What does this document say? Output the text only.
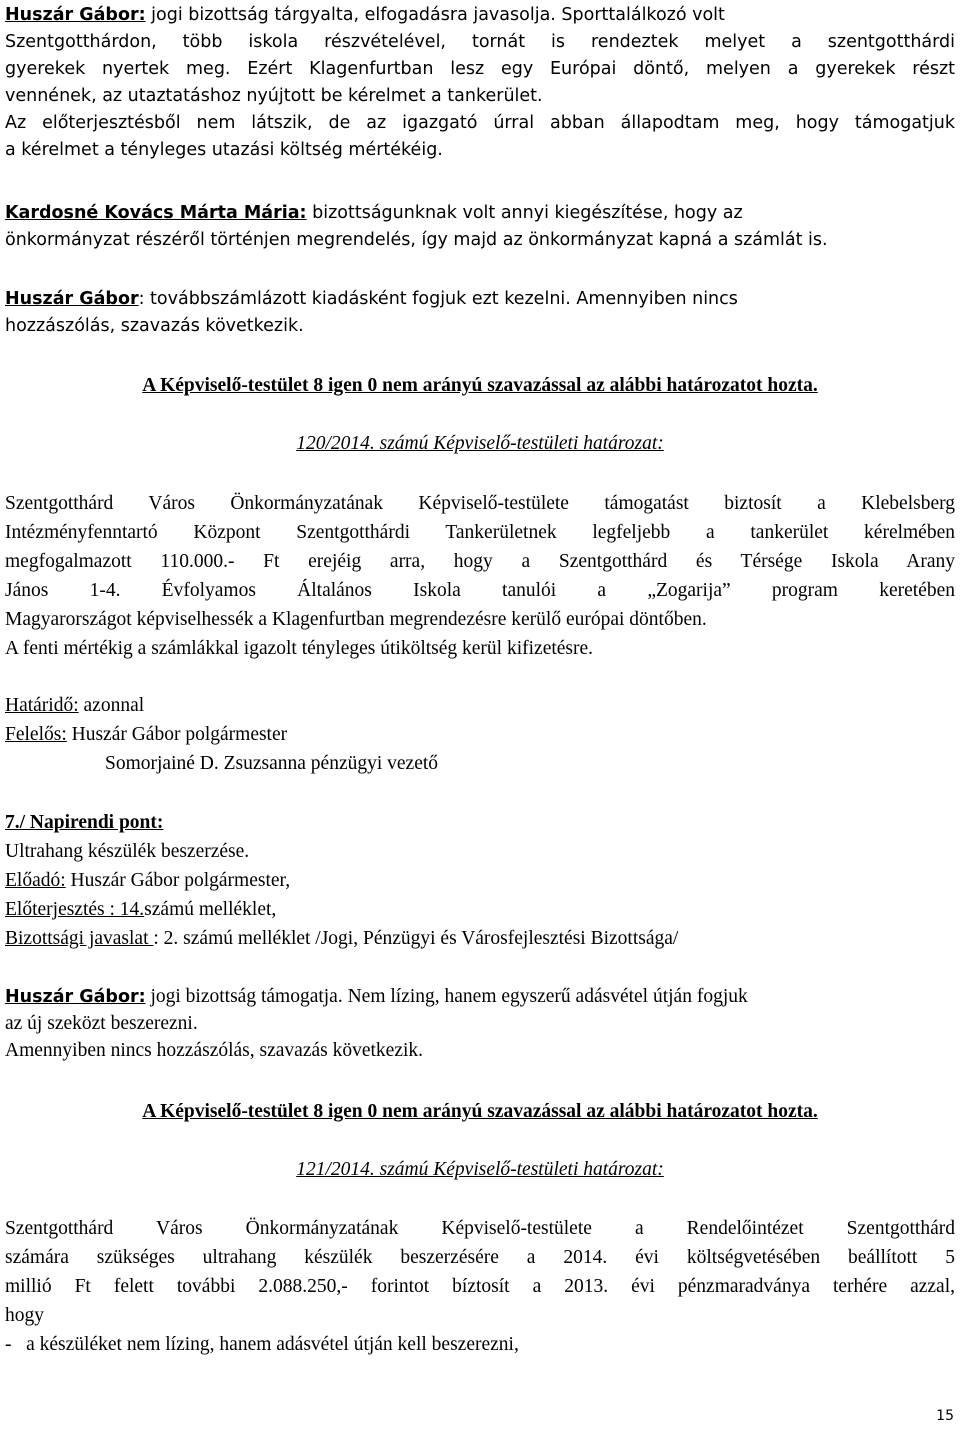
Huszár Gábor: jogi bizottság tárgyalta, elfogadásra javasolja. Sporttalálkozó volt
Szentgotthárdon, több iskola részvételével, tornát is rendeztek melyet a szentgotthárdi
gyerekek nyertek meg. Ezért Klagenfurtban lesz egy Európai döntő, melyen a gyerekek részt
vennének, az utaztatáshoz nyújtott be kérelmet a tankerület.
Az előterjesztésből nem látszik, de az igazgató úrral abban állapodtam meg, hogy támogatjuk
a kérelmet a tényleges utazási költség mértékéig.
Kardosné Kovács Márta Mária: bizottságunknak volt annyi kiegészítése, hogy az
önkormányzat részéről történjen megrendelés, így majd az önkormányzat kapná a számlát is.
Huszár Gábor: továbbszámlázott kiadásként fogjuk ezt kezelni. Amennyiben nincs
hozzászólás, szavazás következik.
A Képviselő-testület 8 igen 0 nem arányú szavazással az alábbi határozatot hozta.
120/2014. számú Képviselő-testületi határozat:
Szentgotthárd Város Önkormányzatának Képviselő-testülete támogatást biztosít a Klebelsberg
Intézményfenntartó Központ Szentgotthárdi Tankerületnek legfeljebb a tankerület kérelmében
megfogalmazott 110.000.- Ft erejéig arra, hogy a Szentgotthárd és Térsége Iskola Arany
János 1-4. Évfolyamos Általános Iskola tanulói a „Zogarija” program keretében
Magyarországot képviselhessék a Klagenfurtban megrendezésre kerülő európai döntőben.
A fenti mértékig a számlákkal igazolt tényleges útiköltség kerül kifizetésre.
Határidő: azonnal
Felelős: Huszár Gábor polgármester
Somorjainé D. Zsuzsanna pénzügyi vezető
7./ Napirendi pont:
Ultrahang készülék beszerzése.
Előadó: Huszár Gábor polgármester,
Előterjesztés : 14.számú melléklet,
Bizottsági javaslat : 2. számú melléklet /Jogi, Pénzügyi és Városfejlesztési Bizottsága/
Huszár Gábor: jogi bizottság támogatja. Nem lízing, hanem egyszerű adásvétel útján fogjuk
az új szeközt beszerezni.
Amennyiben nincs hozzászólás, szavazás következik.
A Képviselő-testület 8 igen 0 nem arányú szavazással az alábbi határozatot hozta.
121/2014. számú Képviselő-testületi határozat:
Szentgotthárd Város Önkormányzatának Képviselő-testülete a Rendelőintézet Szentgotthárd
számára szükséges ultrahang készülék beszerzésére a 2014. évi költségvetésében beállított 5
millió Ft felett további 2.088.250,- forintot bíztosít a 2013. évi pénzmaradványa terhére azzal,
hogy
-   a készüléket nem lízing, hanem adásvétel útján kell beszerezni,
15
